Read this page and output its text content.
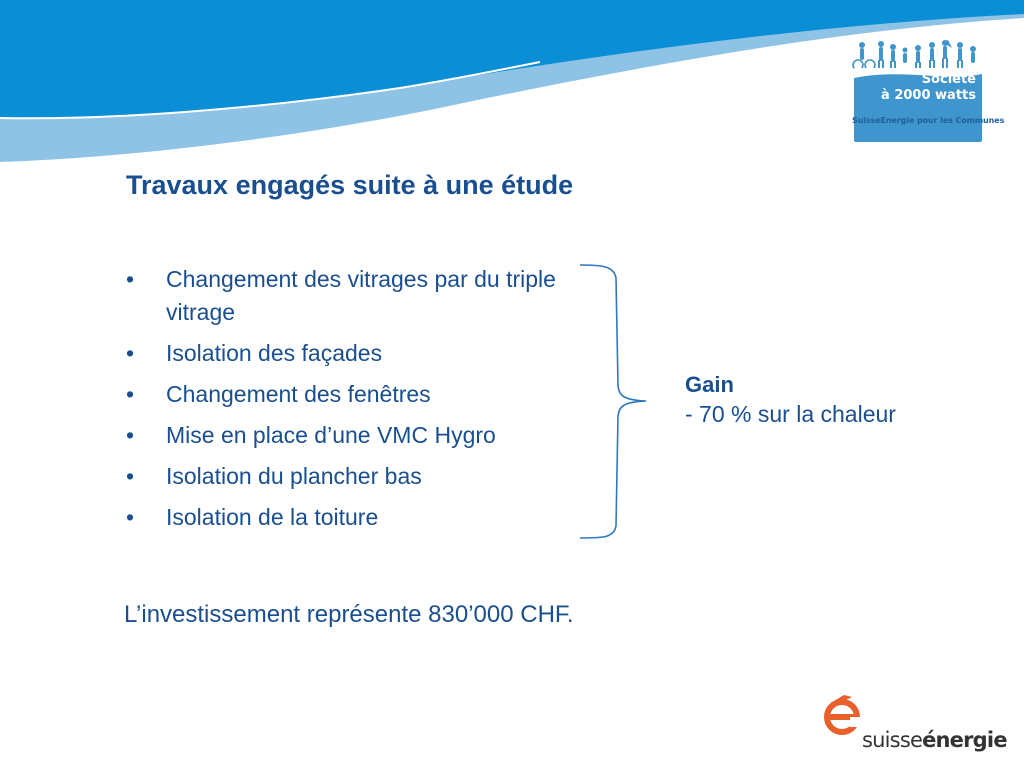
Société
à 2000 watts
SuisseEnergie pour les Communes
Travaux engagés suite à une étude
• Changement des vitrages par du triple vitrage
• Isolation des façades
• Changement des fenêtres
• Mise en place d’une VMC Hygro
• Isolation du plancher bas
• Isolation de la toiture
Gain
- 70 % sur la chaleur
L’investissement représente 830’000 CHF.
suisseénergie
